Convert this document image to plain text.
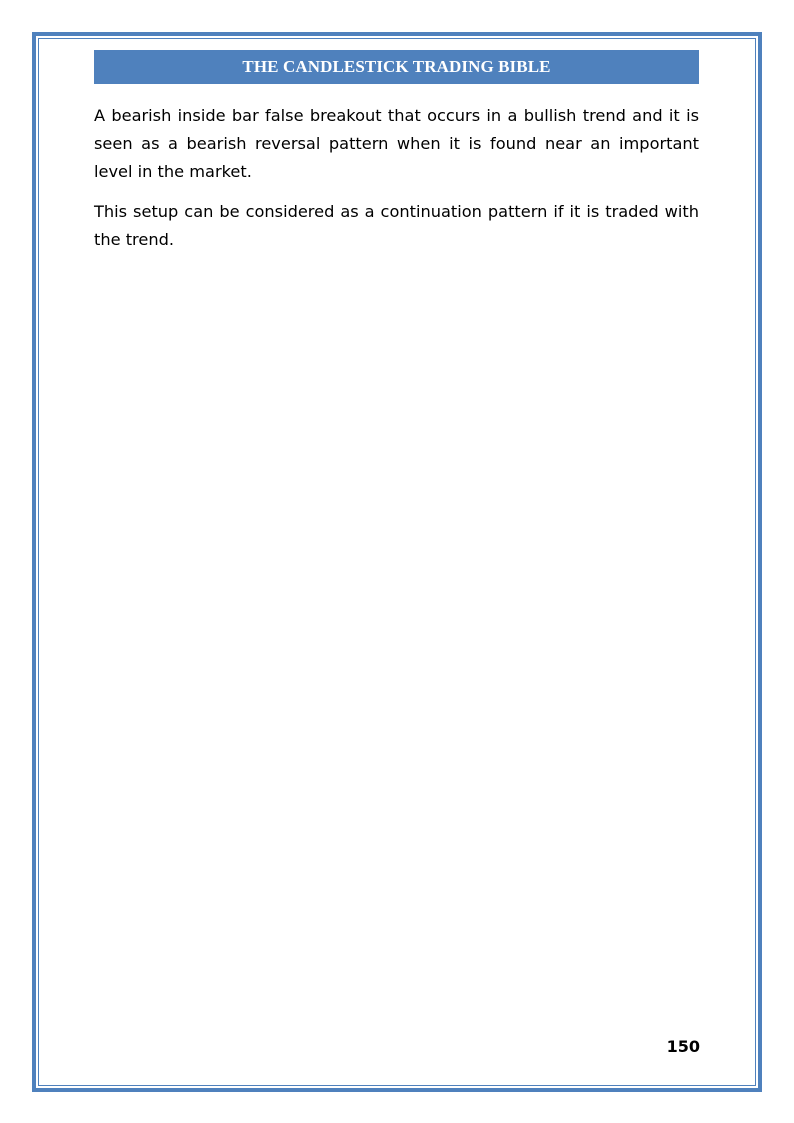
THE CANDLESTICK TRADING BIBLE

A bearish inside bar false breakout that occurs in a bullish trend and it is seen as a bearish reversal pattern when it is found near an important level in the market.

This setup can be considered as a continuation pattern if it is traded with the trend.

150
